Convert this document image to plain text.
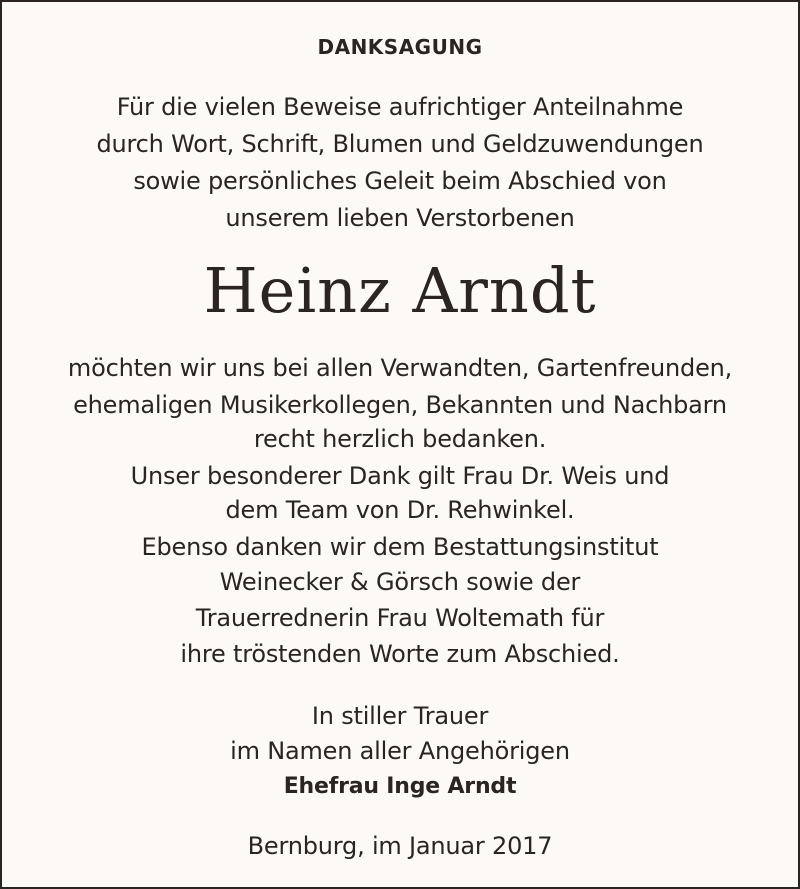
DANKSAGUNG
Für die vielen Beweise aufrichtiger Anteilnahme
durch Wort, Schrift, Blumen und Geldzuwendungen
sowie persönliches Geleit beim Abschied von
unserem lieben Verstorbenen
Heinz Arndt
möchten wir uns bei allen Verwandten, Gartenfreunden,
ehemaligen Musikerkollegen, Bekannten und Nachbarn
recht herzlich bedanken.
Unser besonderer Dank gilt Frau Dr. Weis und
dem Team von Dr. Rehwinkel.
Ebenso danken wir dem Bestattungsinstitut
Weinecker & Görsch sowie der
Trauerrednerin Frau Woltemath für
ihre tröstenden Worte zum Abschied.
In stiller Trauer
im Namen aller Angehörigen
Ehefrau Inge Arndt
Bernburg, im Januar 2017
